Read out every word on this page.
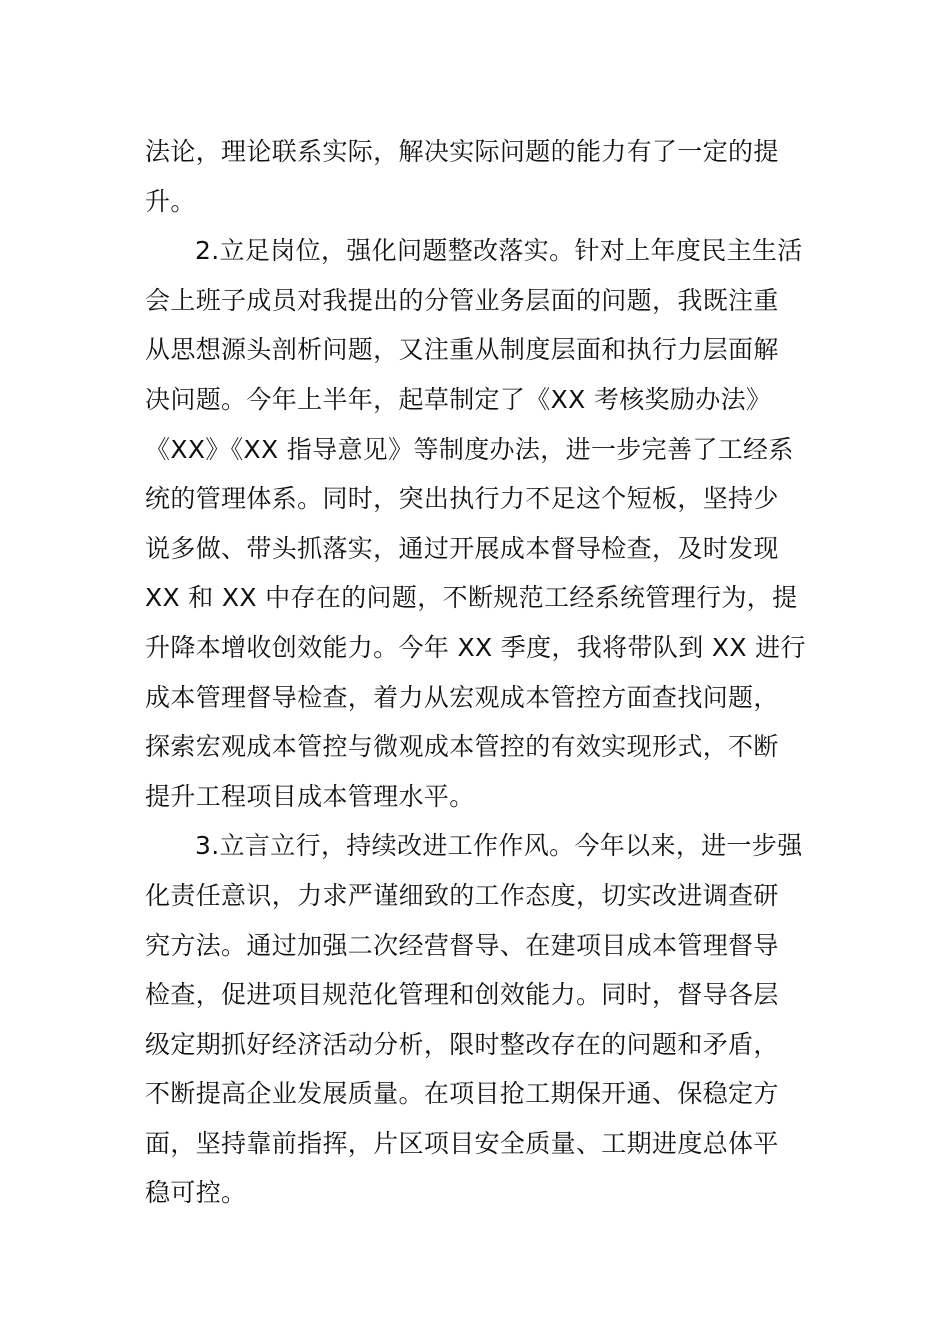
法论，理论联系实际，解决实际问题的能力有了一定的提
升。
2.立足岗位，强化问题整改落实。针对上年度民主生活
会上班子成员对我提出的分管业务层面的问题，我既注重
从思想源头剖析问题，又注重从制度层面和执行力层面解
决问题。今年上半年，起草制定了《XX 考核奖励办法》
《XX》《XX 指导意见》等制度办法，进一步完善了工经系
统的管理体系。同时，突出执行力不足这个短板，坚持少
说多做、带头抓落实，通过开展成本督导检查，及时发现
XX 和 XX 中存在的问题，不断规范工经系统管理行为，提
升降本增收创效能力。今年 XX 季度，我将带队到 XX 进行
成本管理督导检查，着力从宏观成本管控方面查找问题，
探索宏观成本管控与微观成本管控的有效实现形式，不断
提升工程项目成本管理水平。
3.立言立行，持续改进工作作风。今年以来，进一步强
化责任意识，力求严谨细致的工作态度，切实改进调查研
究方法。通过加强二次经营督导、在建项目成本管理督导
检查，促进项目规范化管理和创效能力。同时，督导各层
级定期抓好经济活动分析，限时整改存在的问题和矛盾，
不断提高企业发展质量。在项目抢工期保开通、保稳定方
面，坚持靠前指挥，片区项目安全质量、工期进度总体平
稳可控。
